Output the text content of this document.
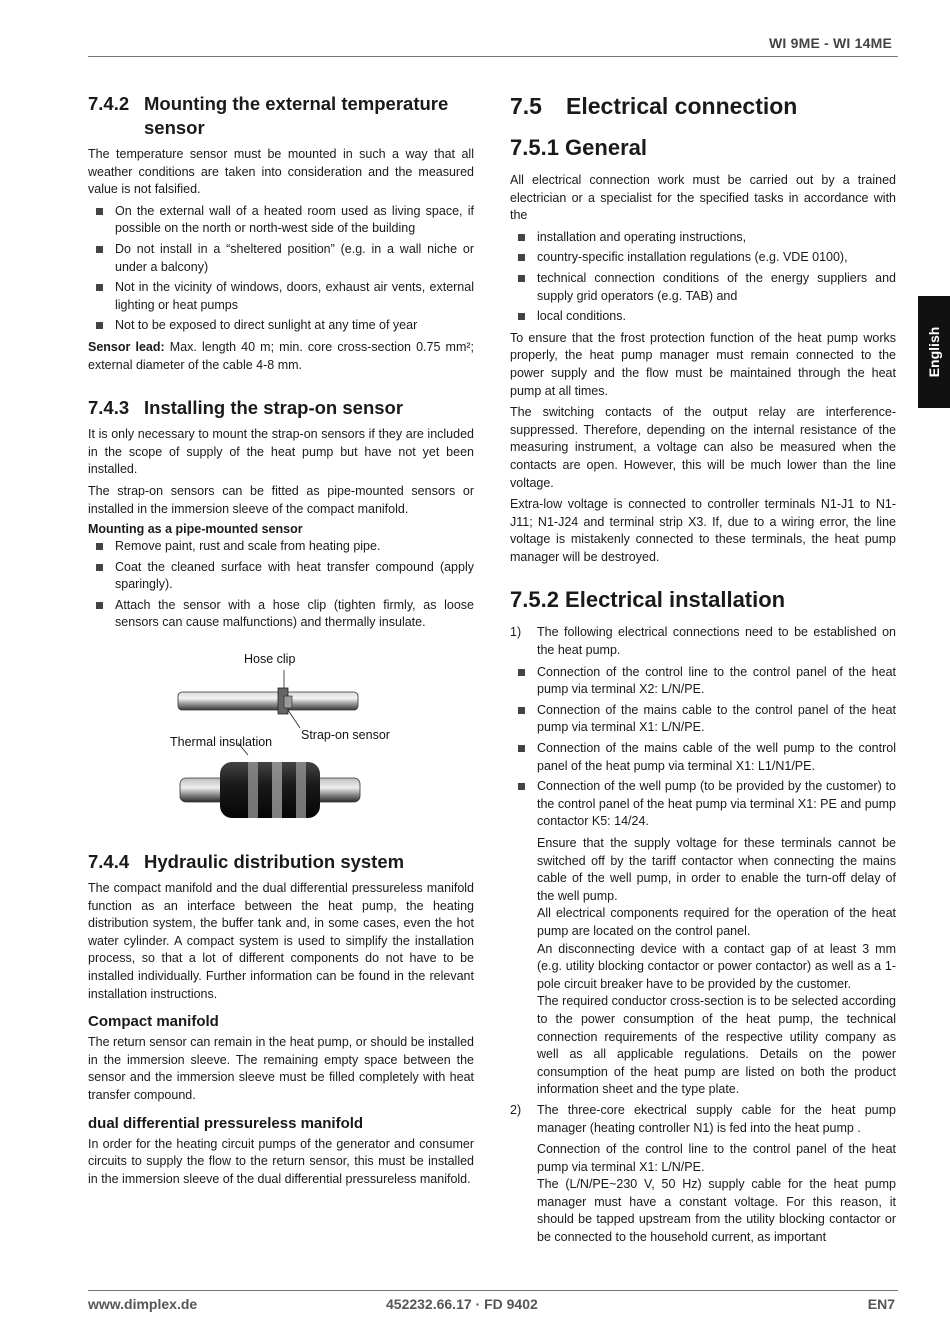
WI 9ME - WI 14ME
English
7.4.2 Mounting the external temperature sensor

The temperature sensor must be mounted in such a way that all weather conditions are taken into consideration and the measured value is not falsified.

On the external wall of a heated room used as living space, if possible on the north or north-west side of the building
Do not install in a “sheltered position” (e.g. in a wall niche or under a balcony)
Not in the vicinity of windows, doors, exhaust air vents, external lighting or heat pumps
Not to be exposed to direct sunlight at any time of year

Sensor lead: Max. length 40 m; min. core cross-section 0.75 mm²; external diameter of the cable 4-8 mm.

7.4.3 Installing the strap-on sensor

It is only necessary to mount the strap-on sensors if they are included in the scope of supply of the heat pump but have not yet been installed.

The strap-on sensors can be fitted as pipe-mounted sensors or installed in the immersion sleeve of the compact manifold.

Mounting as a pipe-mounted sensor
Remove paint, rust and scale from heating pipe.
Coat the cleaned surface with heat transfer compound (apply sparingly).
Attach the sensor with a hose clip (tighten firmly, as loose sensors can cause malfunctions) and thermally insulate.
Hose clip
Strap-on sensor
Thermal insulation
7.4.4 Hydraulic distribution system

The compact manifold and the dual differential pressureless manifold function as an interface between the heat pump, the heating distribution system, the buffer tank and, in some cases, even the hot water cylinder. A compact system is used to simplify the installation process, so that a lot of different components do not have to be installed individually. Further information can be found in the relevant installation instructions.

Compact manifold

The return sensor can remain in the heat pump, or should be installed in the immersion sleeve. The remaining empty space between the sensor and the immersion sleeve must be filled completely with heat transfer compound.

dual differential pressureless manifold

In order for the heating circuit pumps of the generator and consumer circuits to supply the flow to the return sensor, this must be installed in the immersion sleeve of the dual differential pressureless manifold.

7.5	Electrical connection
7.5.1 General

All electrical connection work must be carried out by a trained electrician or a specialist for the specified tasks in accordance with the

installation and operating instructions,
country-specific installation regulations (e.g. VDE 0100),
technical connection conditions of the energy suppliers and supply grid operators (e.g. TAB) and
local conditions.

To ensure that the frost protection function of the heat pump works properly, the heat pump manager must remain connected to the power supply and the flow must be maintained through the heat pump at all times.

The switching contacts of the output relay are interference-suppressed. Therefore, depending on the internal resistance of the measuring instrument, a voltage can also be measured when the contacts are open. However, this will be much lower than the line voltage.

Extra-low voltage is connected to controller terminals N1-J1 to N1-J11; N1-J24 and terminal strip X3. If, due to a wiring error, the line voltage is mistakenly connected to these terminals, the heat pump manager will be destroyed.

7.5.2 Electrical installation
1) The following electrical connections need to be established on the heat pump.
Connection of the control line to the control panel of the heat pump via terminal X2: L/N/PE.
Connection of the mains cable to the control panel of the heat pump via terminal X1: L/N/PE.
Connection of the mains cable of the well pump to the control panel of the heat pump via terminal X1: L1/N1/PE.
Connection of the well pump (to be provided by the customer) to the control panel of the heat pump via terminal X1: PE and pump contactor K5: 14/24.

Ensure that the supply voltage for these terminals cannot be switched off by the tariff contactor when connecting the mains cable of the well pump, in order to enable the turn-off delay of the well pump.

All electrical components required for the operation of the heat pump are located on the control panel.

An disconnecting device with a contact gap of at least 3 mm (e.g. utility blocking contactor or power contactor) as well as a 1-pole circuit breaker have to be provided by the customer.

The required conductor cross-section is to be selected according to the power consumption of the heat pump, the technical connection requirements of the respective utility company as well as all applicable regulations. Details on the power consumption of the heat pump are listed on both the product information sheet and the type plate.

2) The three-core ekectrical supply cable for the heat pump manager (heating controller N1) is fed into the heat pump .

Connection of the control line to the control panel of the heat pump via terminal X1: L/N/PE.

The (L/N/PE~230 V, 50 Hz) supply cable for the heat pump manager must have a constant voltage. For this reason, it should be tapped upstream from the utility blocking contactor or be connected to the household current, as important

www.dimplex.de	452232.66.17 · FD 9402	EN7
